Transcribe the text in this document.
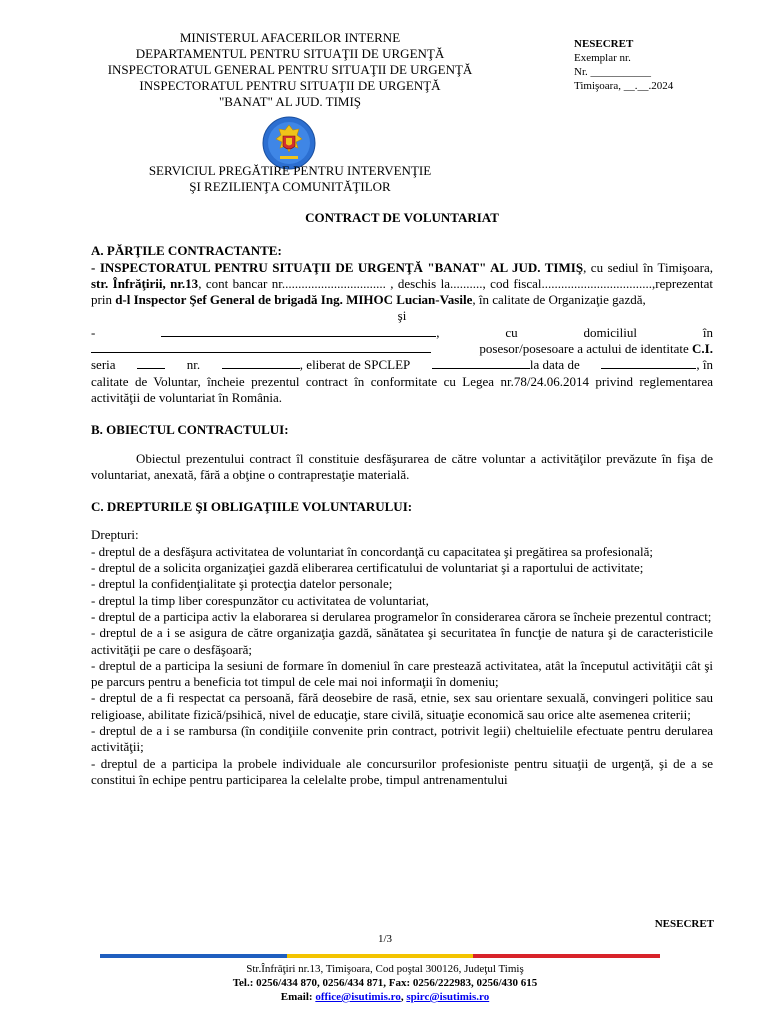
MINISTERUL AFACERILOR INTERNE
DEPARTAMENTUL PENTRU SITUAŢII DE URGENŢĂ
INSPECTORATUL GENERAL PENTRU SITUAŢII DE URGENŢĂ
INSPECTORATUL PENTRU SITUAŢII DE URGENŢĂ
"BANAT" AL JUD. TIMIŞ
NESECRET
Exemplar nr.
Nr. ___________
Timişoara, __.__.2024
SERVICIUL PREGĂTIRE PENTRU INTERVENŢIE
ŞI REZILIENŢA COMUNITĂŢILOR
CONTRACT DE VOLUNTARIAT
A. PĂRŢILE CONTRACTANTE:

- INSPECTORATUL PENTRU SITUAŢII DE URGENŢĂ "BANAT" AL JUD. TIMIŞ, cu sediul în Timişoara, str. Înfrăţirii, nr.13, cont bancar nr................................ , deschis la.........., cod fiscal..................................,reprezentat prin d-l Inspector Şef General de brigadă Ing. MIHOC Lucian-Vasile, în calitate de Organizaţie gazdă,

şi
-	,	cu	domiciliul	în
posesor/posesoare a actului de identitate C.I.
seria	nr.	, eliberat de SPCLEP	la data de	, în

calitate de Voluntar, încheie prezentul contract în conformitate cu Legea nr.78/24.06.2014 privind reglementarea activităţii de voluntariat în România.

B. OBIECTUL CONTRACTULUI:

Obiectul prezentului contract îl constituie desfăşurarea de către voluntar a activităţilor prevăzute în fişa de voluntariat, anexată, fără a obţine o contraprestaţie materială.

C. DREPTURILE ŞI OBLIGAŢIILE VOLUNTARULUI:
Drepturi:

- dreptul de a desfăşura activitatea de voluntariat în concordanţă cu capacitatea şi pregătirea sa profesională;

- dreptul de a solicita organizaţiei gazdă eliberarea certificatului de voluntariat şi a raportului de activitate;

- dreptul la confidenţialitate şi protecţia datelor personale;

- dreptul la timp liber corespunzător cu activitatea de voluntariat,

- dreptul de a participa activ la elaborarea si derularea programelor în considerarea cărora se încheie prezentul contract;

- dreptul de a i se asigura de către organizaţia gazdă, sănătatea şi securitatea în funcţie de natura şi de caracteristicile activităţii pe care o desfăşoară;

- dreptul de a participa la sesiuni de formare în domeniul în care prestează activitatea, atât la începutul activităţii cât şi pe parcurs pentru a beneficia tot timpul de cele mai noi informaţii în domeniu;

- dreptul de a fi respectat ca persoană, fără deosebire de rasă, etnie, sex sau orientare sexuală, convingeri politice sau religioase, abilitate fizică/psihică, nivel de educaţie, stare civilă, situaţie economică sau orice alte asemenea criterii;

- dreptul de a i se rambursa (în condiţiile convenite prin contract, potrivit legii) cheltuielile efectuate pentru derularea activităţii;

- dreptul de a participa la probele individuale ale concursurilor profesioniste pentru situaţii de urgenţă, şi de a se constitui în echipe pentru participarea la celelalte probe, timpul antrenamentului

NESECRET
1/3
Str.Înfrăţiri nr.13, Timişoara, Cod poştal 300126, Judeţul Timiş
Tel.: 0256/434 870, 0256/434 871, Fax: 0256/222983, 0256/430 615
Email: office@isutimis.ro, spirc@isutimis.ro
